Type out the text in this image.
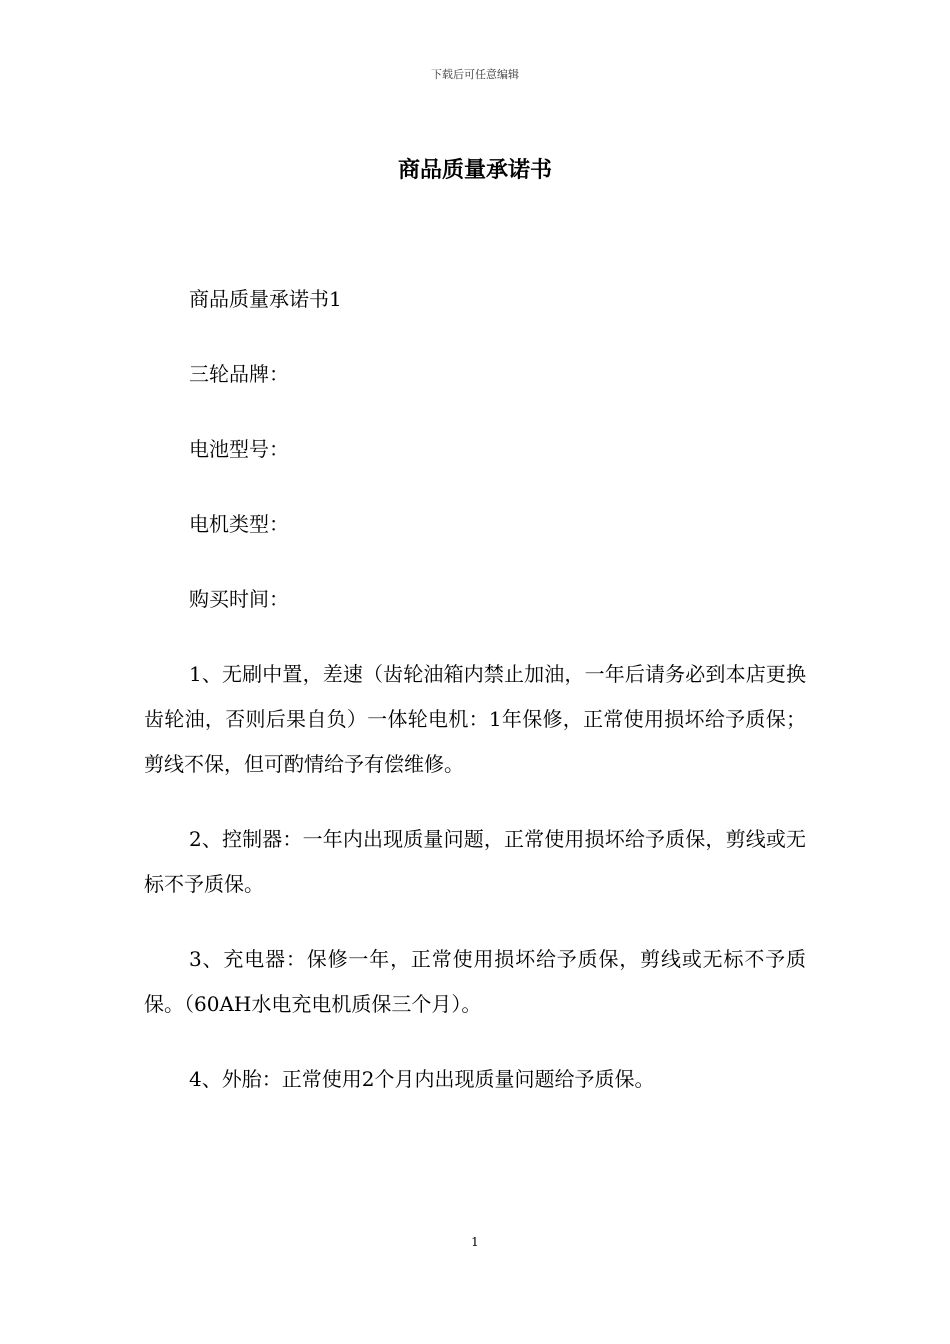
下载后可任意编辑
商品质量承诺书

商品质量承诺书1

三轮品牌：

电池型号：

电机类型：

购买时间：

1、无刷中置，差速（齿轮油箱内禁止加油，一年后请务必到本店更换齿轮油，否则后果自负）一体轮电机：1年保修，正常使用损坏给予质保；剪线不保，但可酌情给予有偿维修。

2、控制器：一年内出现质量问题，正常使用损坏给予质保，剪线或无标不予质保。

3、充电器：保修一年，正常使用损坏给予质保，剪线或无标不予质保。（60AH水电充电机质保三个月）。

4、外胎：正常使用2个月内出现质量问题给予质保。

1
